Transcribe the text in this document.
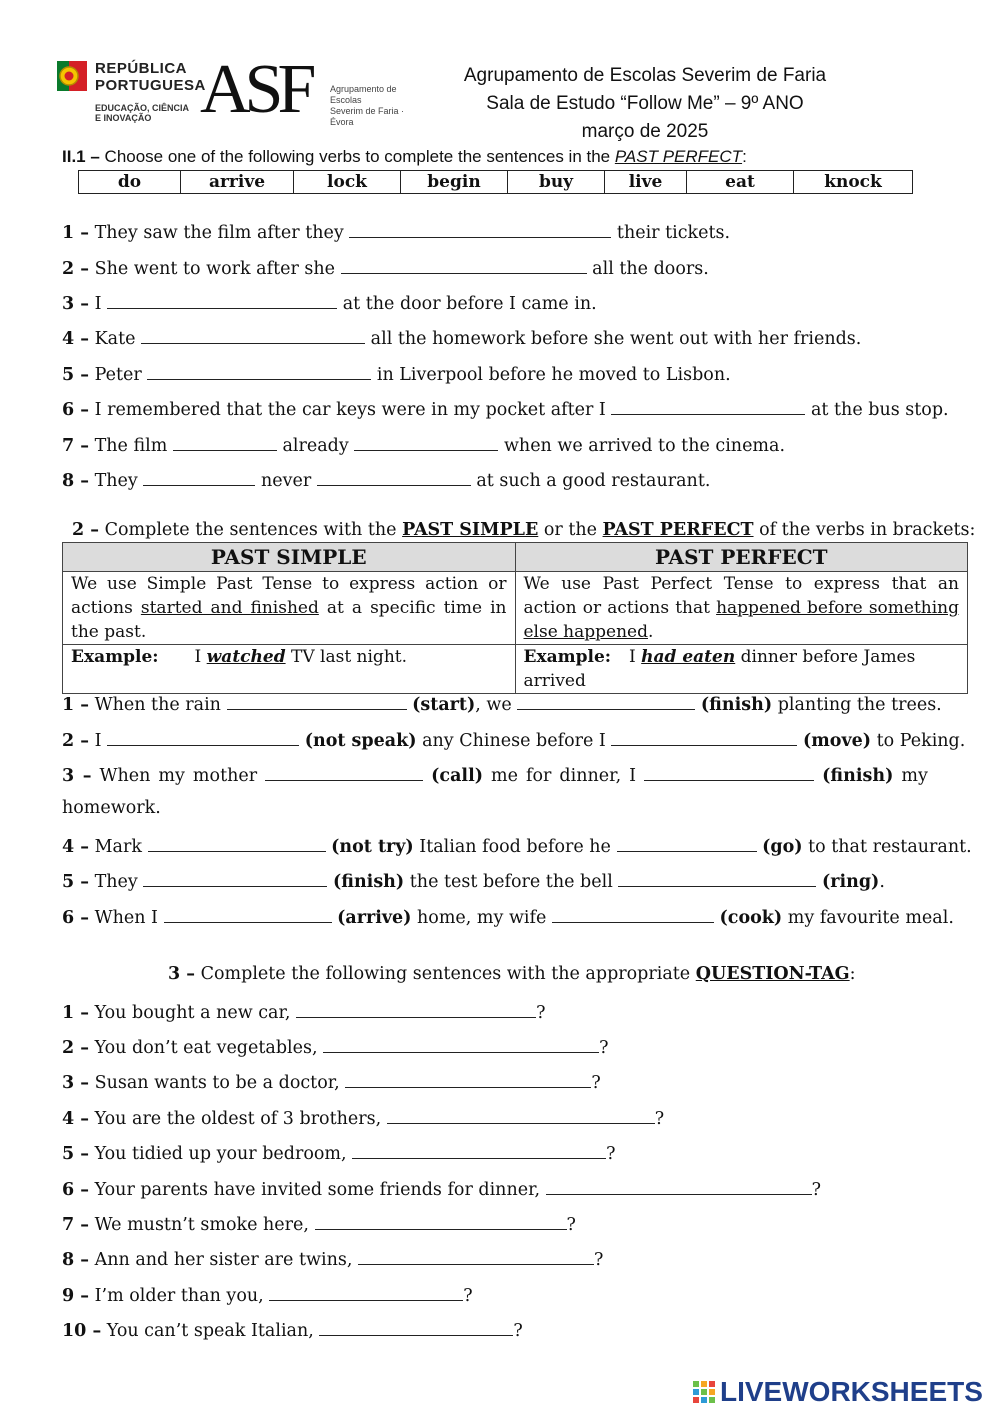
REPÚBLICA
PORTUGUESA
EDUCAÇÃO, CIÊNCIA
E INOVAÇÃO ASF Agrupamento de Escolas
Severim de Faria · Évora
Agrupamento de Escolas Severim de Faria
Sala de Estudo “Follow Me” – 9º ANO
março de 2025
II.1 – Choose one of the following verbs to complete the sentences in the PAST PERFECT:
do	arrive	lock	begin	buy	live	eat	knock
1 – They saw the film after they	their tickets.
2 – She went to work after she	all the doors.
3 – I	at the door before I came in.
4 – Kate	all the homework before she went out with her friends.
5 – Peter	in Liverpool before he moved to Lisbon.
6 – I remembered that the car keys were in my pocket after I	at the bus stop.
7 – The film	already	when we arrived to the cinema.
8 – They	never	at such a good restaurant.
2 – Complete the sentences with the PAST SIMPLE or the PAST PERFECT of the verbs in brackets:
PAST SIMPLE	PAST PERFECT
We use Simple Past Tense to express action or actions started and finished at a specific time in the past.	We use Past Perfect Tense to express that an action or actions that happened before something else happened.
Example: I watched TV last night.	Example: I had eaten dinner before James arrived
1 – When the rain	(start), we	(finish) planting the trees.
2 – I	(not speak) any Chinese before I	(move) to Peking.
3 – When my mother	(call) me for dinner, I	(finish) my
homework.
4 – Mark	(not try) Italian food before he	(go) to that restaurant.
5 – They	(finish) the test before the bell	(ring).
6 – When I	(arrive) home, my wife	(cook) my favourite meal.
3 – Complete the following sentences with the appropriate QUESTION-TAG:
1 – You bought a new car,	?
2 – You don’t eat vegetables,	?
3 – Susan wants to be a doctor,	?
4 – You are the oldest of 3 brothers,	?
5 – You tidied up your bedroom,	?
6 – Your parents have invited some friends for dinner,	?
7 – We mustn’t smoke here,	?
8 – Ann and her sister are twins,	?
9 – I’m older than you,	?
10 – You can’t speak Italian,	?
LIVEWORKSHEETS
